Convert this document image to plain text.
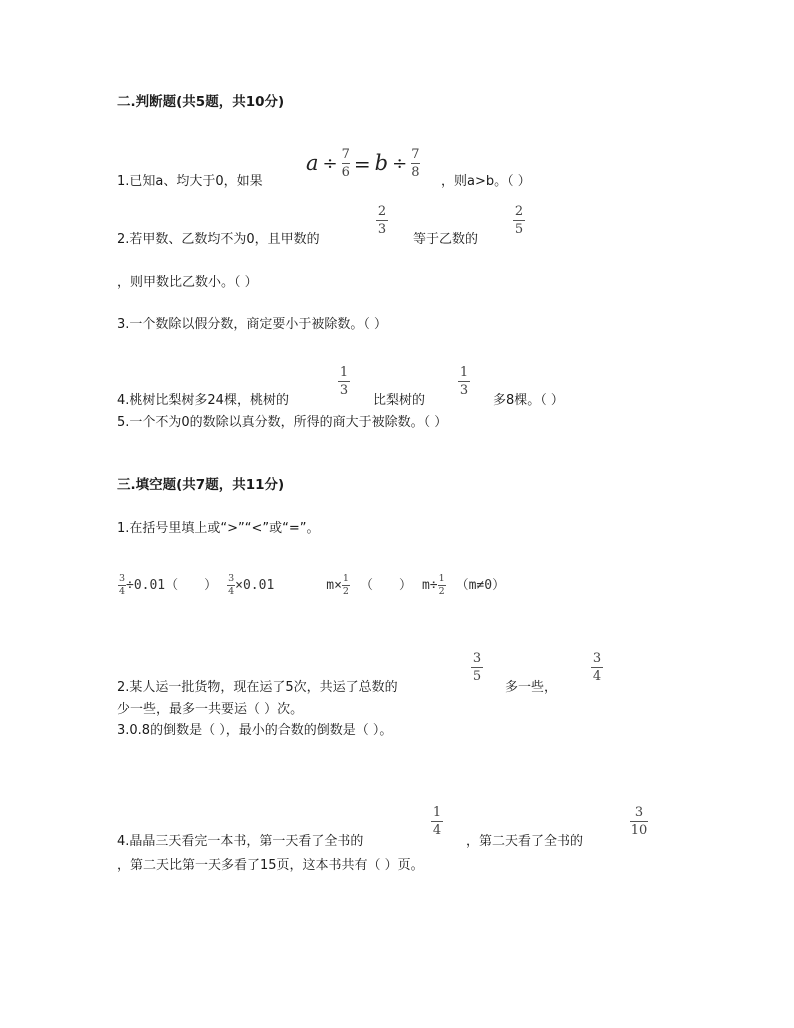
二.判断题(共5题，共10分)
$a \div \frac{7}{6} = b \div \frac{7}{8}$
1.已知a、均大于0，如果	，则a>b。（ ）
2.若甲数、乙数均不为0，且甲数的
2
3
等于乙数的
2
5
，则甲数比乙数小。（ ）
3.一个数除以假分数，商定要小于被除数。（ ）
4.桃树比梨树多24棵，桃树的
1
3
比梨树的
1
3
多8棵。（ ）
5.一个不为0的数除以真分数，所得的商大于被除数。（ ）
三.填空题(共7题，共11分)
1.在括号里填上或“>”“<”或“=”。
$\frac{3}{4} \div 0.01$（　　） $\frac{3}{4} \times 0.01$	$m\times \frac{1}{2}$ （　　） $m\div \frac{1}{2} (m\ne 0)$
2.某人运一批货物，现在运了5次，共运了总数的
3
5
多一些，
3
4
少一些，最多一共要运（ ）次。
3.0.8的倒数是（ ），最小的合数的倒数是（ ）。
4.晶晶三天看完一本书，第一天看了全书的
1
4
，第二天看了全书的
3
10
，第二天比第一天多看了15页，这本书共有（ ）页。
